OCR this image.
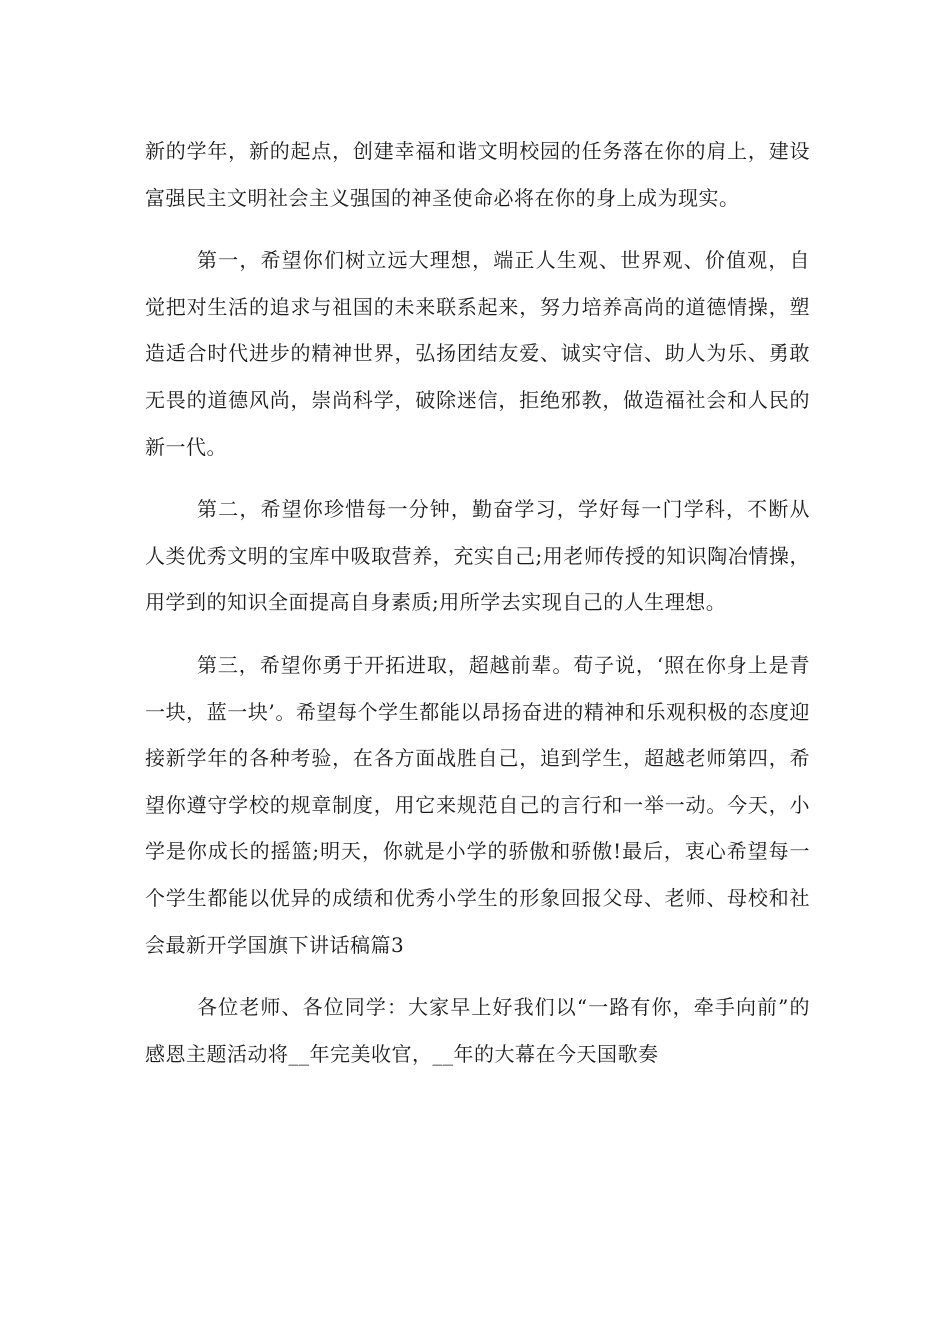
新的学年，新的起点，创建幸福和谐文明校园的任务落在你的肩上，建设富强民主文明社会主义强国的神圣使命必将在你的身上成为现实。

第一，希望你们树立远大理想，端正人生观、世界观、价值观，自觉把对生活的追求与祖国的未来联系起来，努力培养高尚的道德情操，塑造适合时代进步的精神世界，弘扬团结友爱、诚实守信、助人为乐、勇敢无畏的道德风尚，崇尚科学，破除迷信，拒绝邪教，做造福社会和人民的新一代。

第二，希望你珍惜每一分钟，勤奋学习，学好每一门学科，不断从人类优秀文明的宝库中吸取营养，充实自己;用老师传授的知识陶冶情操，用学到的知识全面提高自身素质;用所学去实现自己的人生理想。

第三，希望你勇于开拓进取，超越前辈。荀子说，‘照在你身上是青一块，蓝一块’。希望每个学生都能以昂扬奋进的精神和乐观积极的态度迎接新学年的各种考验，在各方面战胜自己，追到学生，超越老师第四，希望你遵守学校的规章制度，用它来规范自己的言行和一举一动。今天，小学是你成长的摇篮;明天，你就是小学的骄傲和骄傲!最后，衷心希望每一个学生都能以优异的成绩和优秀小学生的形象回报父母、老师、母校和社会最新开学国旗下讲话稿篇3

各位老师、各位同学：大家早上好我们以“一路有你，牵手向前”的感恩主题活动将__年完美收官，__年的大幕在今天国歌奏
